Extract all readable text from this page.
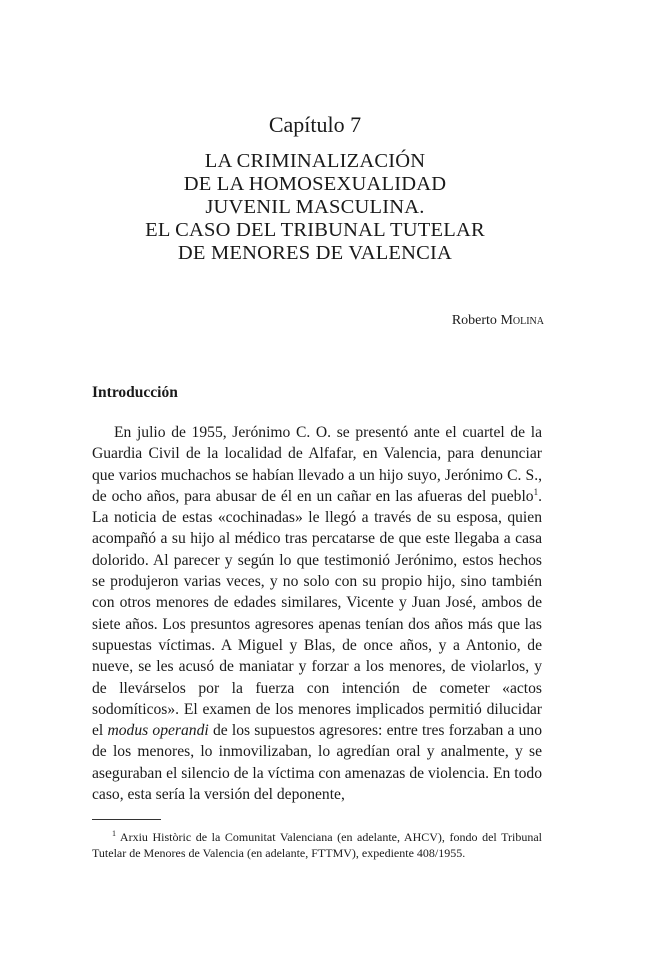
Capítulo 7
LA CRIMINALIZACIÓN
DE LA HOMOSEXUALIDAD
JUVENIL MASCULINA.
EL CASO DEL TRIBUNAL TUTELAR
DE MENORES DE VALENCIA
Roberto Molina
Introducción

En julio de 1955, Jerónimo C. O. se presentó ante el cuartel de la Guardia Civil de la localidad de Alfafar, en Valencia, para denunciar que varios muchachos se habían llevado a un hijo suyo, Jerónimo C. S., de ocho años, para abusar de él en un cañar en las afueras del pueblo$^1$. La noticia de estas «cochinadas» le llegó a través de su esposa, quien acompañó a su hijo al médico tras percatarse de que este llegaba a casa dolorido. Al parecer y según lo que testimonió Jerónimo, estos hechos se produjeron varias veces, y no solo con su propio hijo, sino también con otros menores de edades similares, Vicente y Juan José, ambos de siete años. Los presuntos agresores apenas tenían dos años más que las supuestas víctimas. A Miguel y Blas, de once años, y a Antonio, de nueve, se les acusó de maniatar y forzar a los menores, de violarlos, y de llevárselos por la fuerza con intención de cometer «actos sodomíticos». El examen de los menores implicados permitió dilucidar el modus operandi de los supuestos agresores: entre tres forzaban a uno de los menores, lo inmovilizaban, lo agredían oral y analmente, y se aseguraban el silencio de la víctima con amenazas de violencia. En todo caso, esta sería la versión del deponente,

$^1$ Arxiu Històric de la Comunitat Valenciana (en adelante, AHCV), fondo del Tribunal Tutelar de Menores de Valencia (en adelante, FTTMV), expediente 408/1955.
